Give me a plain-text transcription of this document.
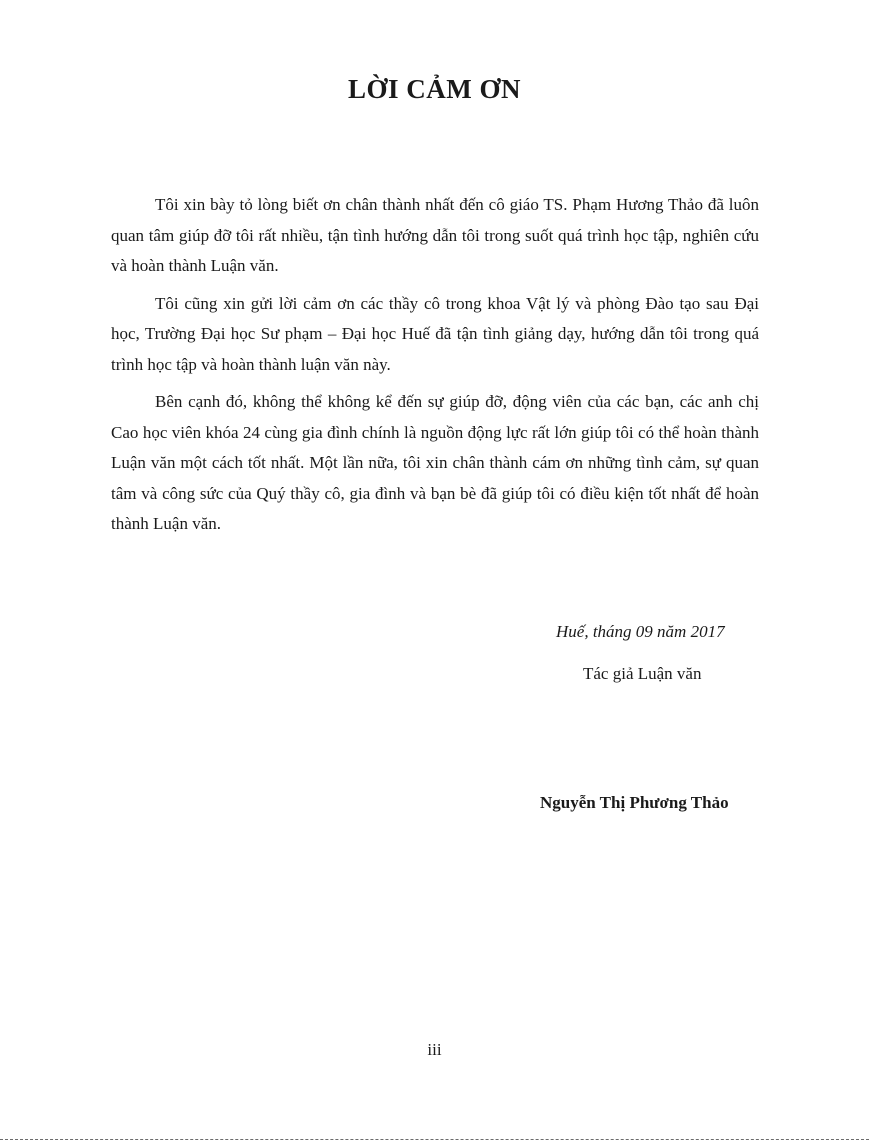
LỜI CẢM ƠN

Tôi xin bày tỏ lòng biết ơn chân thành nhất đến cô giáo TS. Phạm Hương Thảo đã luôn quan tâm giúp đỡ tôi rất nhiều, tận tình hướng dẫn tôi trong suốt quá trình học tập, nghiên cứu và hoàn thành Luận văn.

Tôi cũng xin gửi lời cảm ơn các thầy cô trong khoa Vật lý và phòng Đào tạo sau Đại học, Trường Đại học Sư phạm – Đại học Huế đã tận tình giảng dạy, hướng dẫn tôi trong quá trình học tập và hoàn thành luận văn này.

Bên cạnh đó, không thể không kể đến sự giúp đỡ, động viên của các bạn, các anh chị Cao học viên khóa 24 cùng gia đình chính là nguồn động lực rất lớn giúp tôi có thể hoàn thành Luận văn một cách tốt nhất. Một lần nữa, tôi xin chân thành cám ơn những tình cảm, sự quan tâm và công sức của Quý thầy cô, gia đình và bạn bè đã giúp tôi có điều kiện tốt nhất để hoàn thành Luận văn.

Huế, tháng 09 năm 2017

Tác giả Luận văn

Nguyễn Thị Phương Thảo

iii
